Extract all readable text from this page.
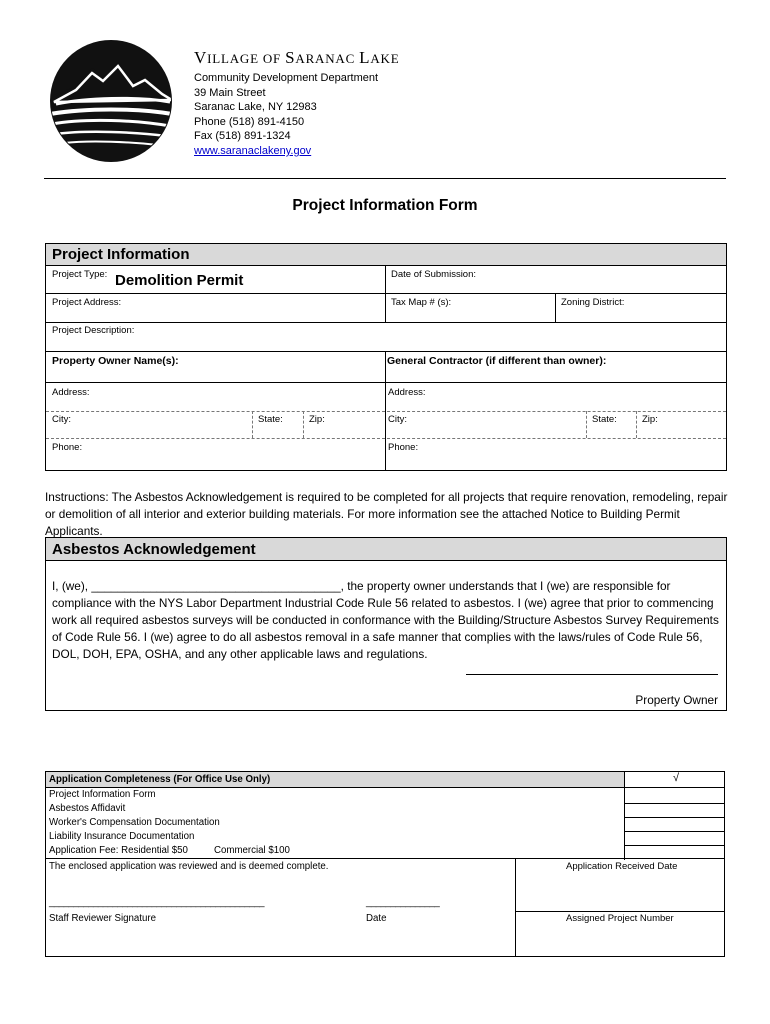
VILLAGE OF SARANAC LAKE
Community Development Department
39 Main Street
Saranac Lake, NY 12983
Phone (518) 891-4150
Fax (518) 891-1324
www.saranaclakeny.gov
Project Information Form
Project Information
Project Type: Demolition Permit	Date of Submission:
Project Address:	Tax Map # (s):	Zoning District:
Project Description:
Property Owner Name(s):	General Contractor (if different than owner):
Address:	Address:
City:	State:	Zip:	City:	State:	Zip:
Phone:	Phone:
Instructions: The Asbestos Acknowledgement is required to be completed for all projects that require renovation, remodeling, repair or demolition of all interior and exterior building materials. For more information see the attached Notice to Building Permit Applicants.
Asbestos Acknowledgement
I, (we), ______________________________________, the property owner understands that I (we) are responsible for compliance with the NYS Labor Department Industrial Code Rule 56 related to asbestos. I (we) agree that prior to commencing work all required asbestos surveys will be conducted in conformance with the Building/Structure Asbestos Survey Requirements of Code Rule 56. I (we) agree to do all asbestos removal in a safe manner that complies with the laws/rules of Code Rule 56, DOL, DOH, EPA, OSHA, and any other applicable laws and regulations.
Property Owner
Application Completeness (For Office Use Only)	√
Project Information Form
Asbestos Affidavit
Worker's Compensation Documentation
Liability Insurance Documentation
Application Fee: Residential $50	Commercial $100
The enclosed application was reviewed and is deemed complete.	Application Received Date
____________________________________________	_______________
Staff Reviewer Signature	Date	Assigned Project Number
